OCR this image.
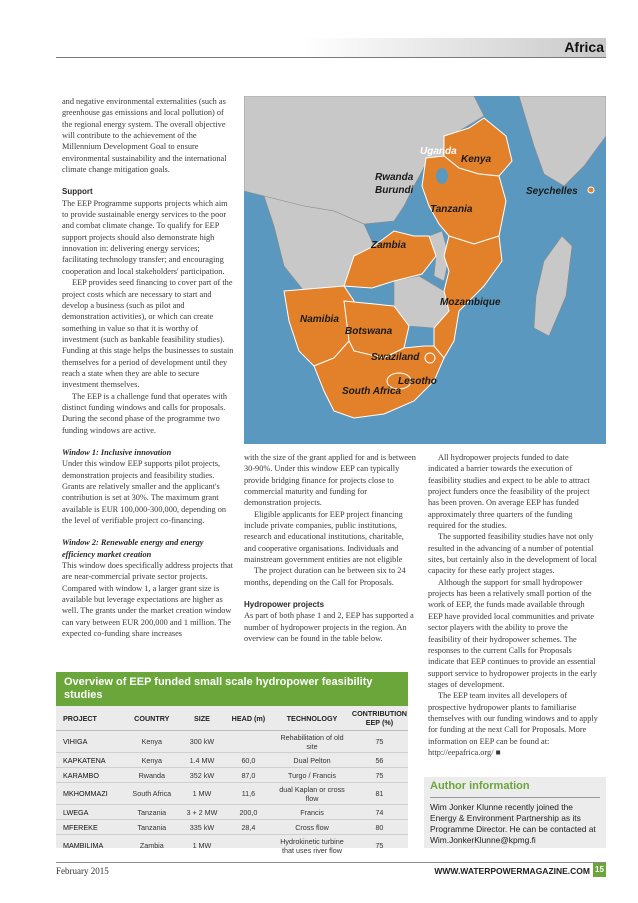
Africa

and negative environmental externalities (such as greenhouse gas emissions and local pollution) of the regional energy system. The overall objective will contribute to the achievement of the Millennium Development Goal to ensure environmental sustainability and the international climate change mitigation goals.

Support

The EEP Programme supports projects which aim to provide sustainable energy services to the poor and combat climate change. To qualify for EEP support projects should also demonstrate high innovation in: delivering energy services; facilitating technology transfer; and encouraging cooperation and local stakeholders' participation.

EEP provides seed financing to cover part of the project costs which are necessary to start and develop a business (such as pilot and demonstration activities), or which can create something in value so that it is worthy of investment (such as bankable feasibility studies). Funding at this stage helps the businesses to sustain themselves for a period of development until they reach a state when they are able to secure investment themselves.

The EEP is a challenge fund that operates with distinct funding windows and calls for proposals. During the second phase of the programme two funding windows are active.

Window 1: Inclusive innovation

Under this window EEP supports pilot projects, demonstration projects and feasibility studies. Grants are relatively smaller and the applicant's contribution is set at 30%. The maximum grant available is EUR 100,000-300,000, depending on the level of verifiable project co-financing.

Window 2: Renewable energy and energy efficiency market creation

This window does specifically address projects that are near-commercial private sector projects. Compared with window 1, a larger grant size is available but leverage expectations are higher as well. The grants under the market creation window can vary between EUR 200,000 and 1 million. The expected co-funding share increases

Uganda
Kenya
Rwanda
Burundi	Seychelles
Tanzania
Zambia
Mozambique
Namibia
Botswana
Swaziland
Lesotho
South Africa

with the size of the grant applied for and is between 30-90%. Under this window EEP can typically provide bridging finance for projects close to commercial maturity and funding for demonstration projects.

Eligible applicants for EEP project financing include private companies, public institutions, research and educational institutions, charitable, and cooperative organisations. Individuals and mainstream government entities are not eligible

The project duration can be between six to 24 months, depending on the Call for Proposals.

Hydropower projects

As part of both phase 1 and 2, EEP has supported a number of hydropower projects in the region. An overview can be found in the table below.

All hydropower projects funded to date indicated a barrier towards the execution of feasibility studies and expect to be able to attract project funders once the feasibility of the project has been proven. On average EEP has funded approximately three quarters of the funding required for the studies.

The supported feasibility studies have not only resulted in the advancing of a number of potential sites, but certainly also in the development of local capacity for these early project stages.

Although the support for small hydropower projects has been a relatively small portion of the work of EEP, the funds made available through EEP have provided local communities and private sector players with the ability to prove the feasibility of their hydropower schemes. The responses to the current Calls for Proposals indicate that EEP continues to provide an essential support service to hydropower projects in the early stages of development.

The EEP team invites all developers of prospective hydropower plants to familiarise themselves with our funding windows and to apply for funding at the next Call for Proposals. More information on EEP can be found at: http://eepafrica.org/ ■

Overview of EEP funded small scale hydropower feasibility studies
PROJECT	COUNTRY	SIZE	HEAD (m)	TECHNOLOGY	CONTRIBUTION EEP (%)
VIHIGA	Kenya	300 kW		Rehabilitation of old site	75
KAPKATENA	Kenya	1.4 MW	60,0	Dual Pelton	56
KARAMBO	Rwanda	352 kW	87,0	Turgo / Francis	75
MKHOMMAZI	South Africa	1 MW	11,6	dual Kaplan or cross flow	81
LWEGA	Tanzania	3 + 2 MW	200,0	Francis	74
MFEREKE	Tanzania	335 kW	28,4	Cross flow	80
MAMBILIMA	Zambia	1 MW		Hydrokinetic turbine that uses river flow	75
Author information
Wim Jonker Klunne recently joined the Energy & Environment Partnership as its Programme Director. He can be contacted at Wim.JonkerKlunne@kpmg.fi
February 2015	WWW.WATERPOWERMAGAZINE.COM 15
